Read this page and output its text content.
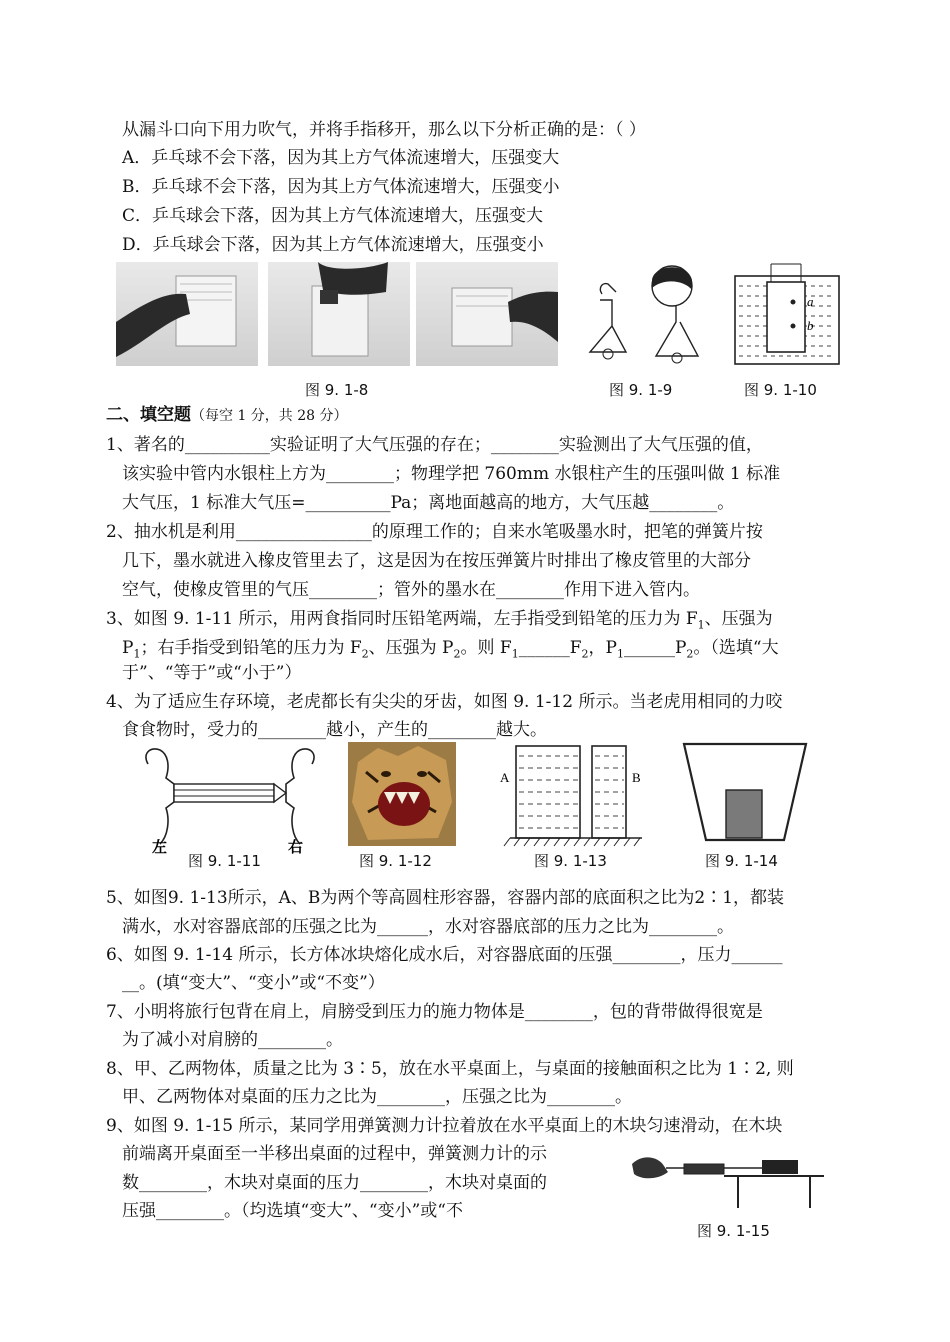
从漏斗口向下用力吹气，并将手指移开，那么以下分析正确的是：（ ）
A．乒乓球不会下落，因为其上方气体流速增大，压强变大
B．乒乓球不会下落，因为其上方气体流速增大，压强变小
C．乒乓球会下落，因为其上方气体流速增大，压强变大
D．乒乓球会下落，因为其上方气体流速增大，压强变小
图 9. 1-8	图 9. 1-9
a
b
图 9. 1-10
二、填空题（每空 1 分，共 28 分）
1、著名的__________实验证明了大气压强的存在；________实验测出了大气压强的值，
该实验中管内水银柱上方为________；物理学把 760mm 水银柱产生的压强叫做 1 标准
大气压，1 标准大气压=__________Pa；离地面越高的地方，大气压越________。
2、抽水机是利用________________的原理工作的；自来水笔吸墨水时，把笔的弹簧片按
几下，墨水就进入橡皮管里去了，这是因为在按压弹簧片时排出了橡皮管里的大部分
空气，使橡皮管里的气压________；管外的墨水在________作用下进入管内。
3、如图 9. 1-11 所示，用两食指同时压铅笔两端，左手指受到铅笔的压力为 $F_1$、压强为
$P_1$；右手指受到铅笔的压力为 $F_2$、压强为 $P_2$。则 $F_1\_\_\_\_\_\_F_2$，$P_1\_\_\_\_\_\_P_2$。（选填“大
于”、“等于”或“小于”）
4、为了适应生存环境，老虎都长有尖尖的牙齿，如图 9. 1-12 所示。当老虎用相同的力咬
食食物时，受力的________越小，产生的________越大。
左	右
图 9. 1-11	图 9. 1-12
A	B
图 9. 1-13	图 9. 1-14
5、如图9. 1-13所示，A、B为两个等高圆柱形容器，容器内部的底面积之比为2∶1，都装
满水，水对容器底部的压强之比为______，水对容器底部的压力之比为________。
6、如图 9. 1-14 所示，长方体冰块熔化成水后，对容器底面的压强________，压力______
__。(填“变大”、“变小”或“不变”）
7、小明将旅行包背在肩上，肩膀受到压力的施力物体是________，包的背带做得很宽是
为了减小对肩膀的________。
8、甲、乙两物体，质量之比为 3∶5，放在水平桌面上，与桌面的接触面积之比为 1∶2, 则
甲、乙两物体对桌面的压力之比为________，压强之比为________。
9、如图 9. 1-15 所示，某同学用弹簧测力计拉着放在水平桌面上的木块匀速滑动，在木块
前端离开桌面至一半移出桌面的过程中，弹簧测力计的示
数________，木块对桌面的压力________，木块对桌面的
压强________。（均选填“变大”、“变小”或“不
图 9. 1-15
